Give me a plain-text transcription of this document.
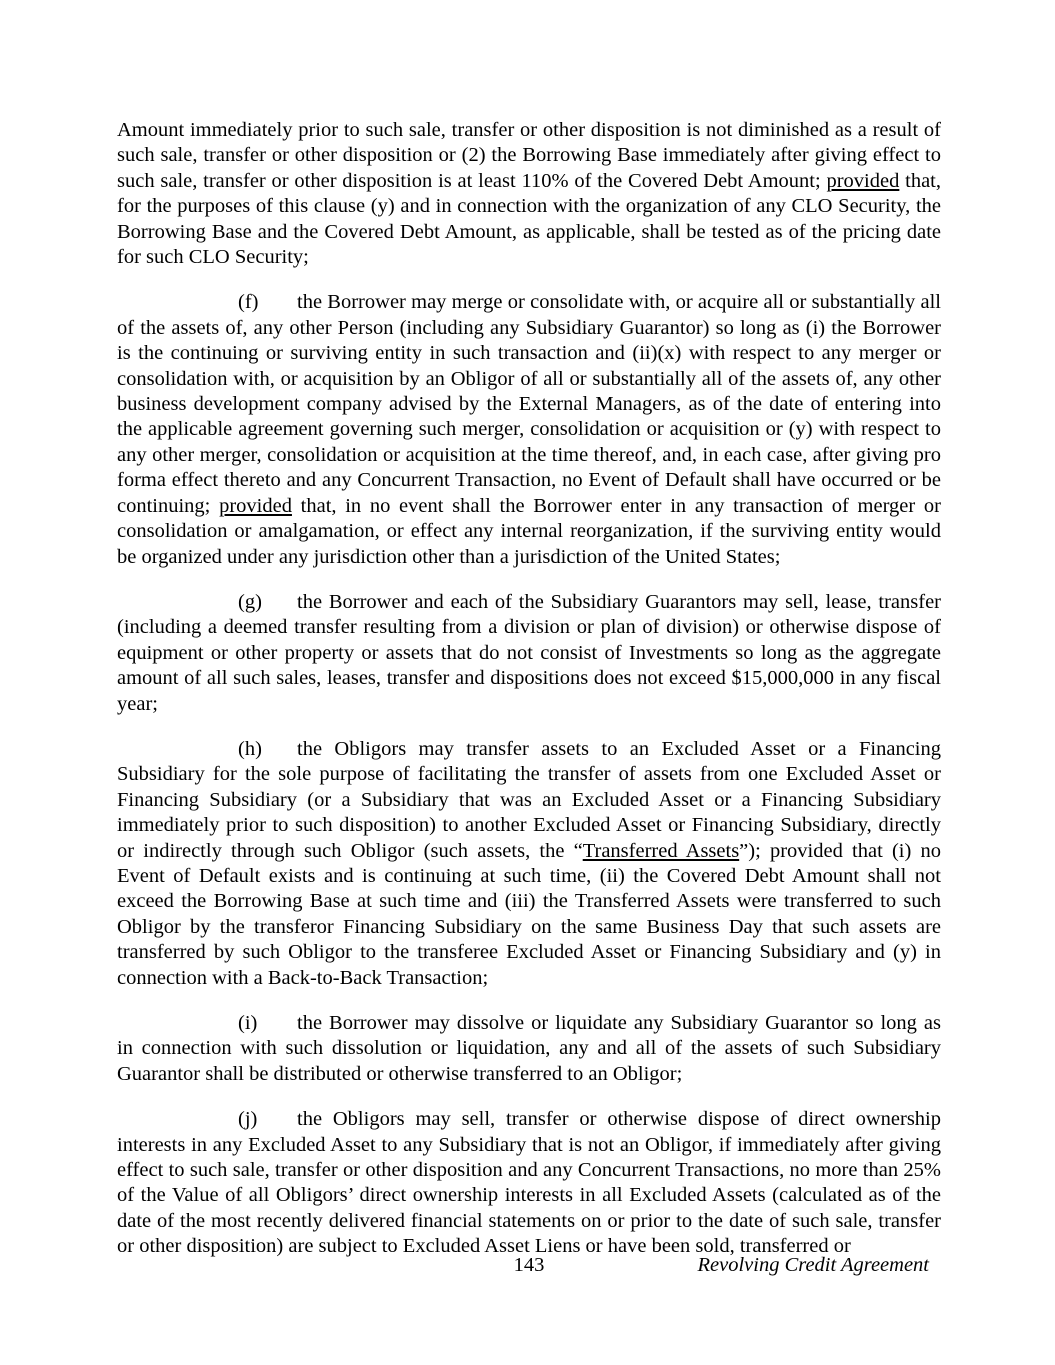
Amount immediately prior to such sale, transfer or other disposition is not diminished as a result of such sale, transfer or other disposition or (2) the Borrowing Base immediately after giving effect to such sale, transfer or other disposition is at least 110% of the Covered Debt Amount; provided that, for the purposes of this clause (y) and in connection with the organization of any CLO Security, the Borrowing Base and the Covered Debt Amount, as applicable, shall be tested as of the pricing date for such CLO Security;

(f) the Borrower may merge or consolidate with, or acquire all or substantially all of the assets of, any other Person (including any Subsidiary Guarantor) so long as (i) the Borrower is the continuing or surviving entity in such transaction and (ii)(x) with respect to any merger or consolidation with, or acquisition by an Obligor of all or substantially all of the assets of, any other business development company advised by the External Managers, as of the date of entering into the applicable agreement governing such merger, consolidation or acquisition or (y) with respect to any other merger, consolidation or acquisition at the time thereof, and, in each case, after giving pro forma effect thereto and any Concurrent Transaction, no Event of Default shall have occurred or be continuing; provided that, in no event shall the Borrower enter in any transaction of merger or consolidation or amalgamation, or effect any internal reorganization, if the surviving entity would be organized under any jurisdiction other than a jurisdiction of the United States;

(g) the Borrower and each of the Subsidiary Guarantors may sell, lease, transfer (including a deemed transfer resulting from a division or plan of division) or otherwise dispose of equipment or other property or assets that do not consist of Investments so long as the aggregate amount of all such sales, leases, transfer and dispositions does not exceed $15,000,000 in any fiscal year;

(h) the Obligors may transfer assets to an Excluded Asset or a Financing Subsidiary for the sole purpose of facilitating the transfer of assets from one Excluded Asset or Financing Subsidiary (or a Subsidiary that was an Excluded Asset or a Financing Subsidiary immediately prior to such disposition) to another Excluded Asset or Financing Subsidiary, directly or indirectly through such Obligor (such assets, the “Transferred Assets”); provided that (i) no Event of Default exists and is continuing at such time, (ii) the Covered Debt Amount shall not exceed the Borrowing Base at such time and (iii) the Transferred Assets were transferred to such Obligor by the transferor Financing Subsidiary on the same Business Day that such assets are transferred by such Obligor to the transferee Excluded Asset or Financing Subsidiary and (y) in connection with a Back-to-Back Transaction;

(i) the Borrower may dissolve or liquidate any Subsidiary Guarantor so long as in connection with such dissolution or liquidation, any and all of the assets of such Subsidiary Guarantor shall be distributed or otherwise transferred to an Obligor;

(j) the Obligors may sell, transfer or otherwise dispose of direct ownership interests in any Excluded Asset to any Subsidiary that is not an Obligor, if immediately after giving effect to such sale, transfer or other disposition and any Concurrent Transactions, no more than 25% of the Value of all Obligors’ direct ownership interests in all Excluded Assets (calculated as of the date of the most recently delivered financial statements on or prior to the date of such sale, transfer or other disposition) are subject to Excluded Asset Liens or have been sold, transferred or

143	Revolving Credit Agreement
